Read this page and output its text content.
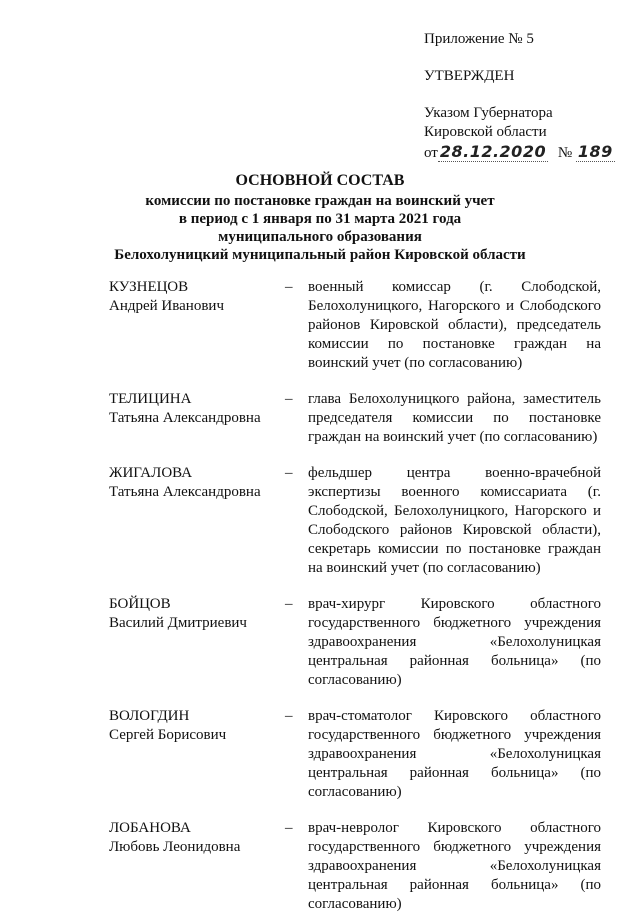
Приложение № 5
УТВЕРЖДЕН
Указом Губернатора
Кировской области
от 28.12.2020 № 189
ОСНОВНОЙ СОСТАВ
комиссии по постановке граждан на воинский учет
в период с 1 января по 31 марта 2021 года
муниципального образования
Белохолуницкий муниципальный район Кировской области
КУЗНЕЦОВ
Андрей Иванович
–	военный комиссар (г. Слободской, Белохолуницкого, Нагорского и Слободского районов Кировской области), председатель комиссии по постановке граждан на воинский учет (по согласованию)
ТЕЛИЦИНА
Татьяна Александровна
–	глава Белохолуницкого района, заместитель председателя комиссии по постановке граждан на воинский учет (по согласованию)
ЖИГАЛОВА
Татьяна Александровна
–	фельдшер центра военно-врачебной экспертизы военного комиссариата (г. Слободской, Белохолуницкого, Нагорского и Слободского районов Кировской области), секретарь комиссии по постановке граждан на воинский учет (по согласованию)
БОЙЦОВ
Василий Дмитриевич
–	врач-хирург Кировского областного государственного бюджетного учреждения здравоохранения «Белохолуницкая центральная районная больница» (по согласованию)
ВОЛОГДИН
Сергей Борисович
–	врач-стоматолог Кировского областного государственного бюджетного учреждения здравоохранения «Белохолуницкая центральная районная больница» (по согласованию)
ЛОБАНОВА
Любовь Леонидовна
–	врач-невролог Кировского областного государственного бюджетного учреждения здравоохранения «Белохолуницкая центральная районная больница» (по согласованию)
